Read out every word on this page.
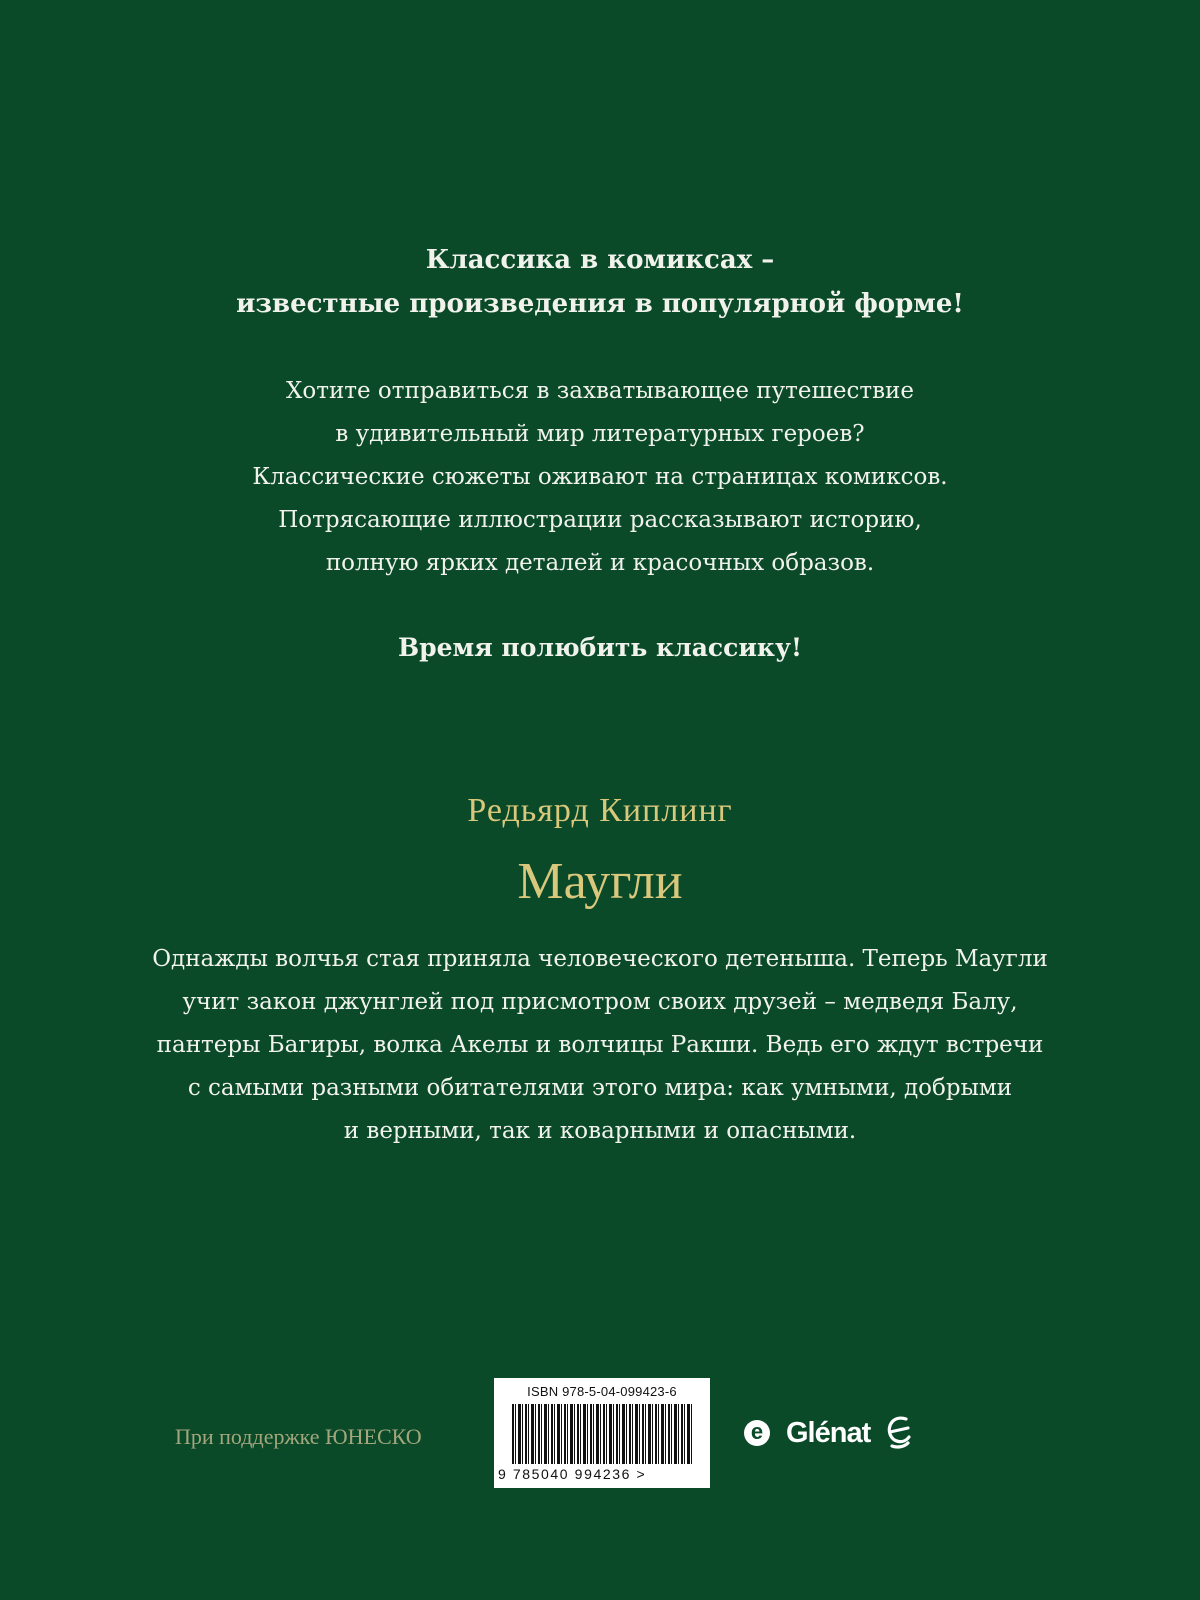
Классика в комиксах –
известные произведения в популярной форме!
Хотите отправиться в захватывающее путешествие
в удивительный мир литературных героев?
Классические сюжеты оживают на страницах комиксов.
Потрясающие иллюстрации рассказывают историю,
полную ярких деталей и красочных образов.
Время полюбить классику!
Редьярд Киплинг
Маугли
Однажды волчья стая приняла человеческого детеныша. Теперь Маугли
учит закон джунглей под присмотром своих друзей – медведя Балу,
пантеры Багиры, волка Акелы и волчицы Ракши. Ведь его ждут встречи
с самыми разными обитателями этого мира: как умными, добрыми
и верными, так и коварными и опасными.
При поддержке ЮНЕСКО
ISBN 978-5-04-099423-6
9 785040 994236 >
e Glénat
